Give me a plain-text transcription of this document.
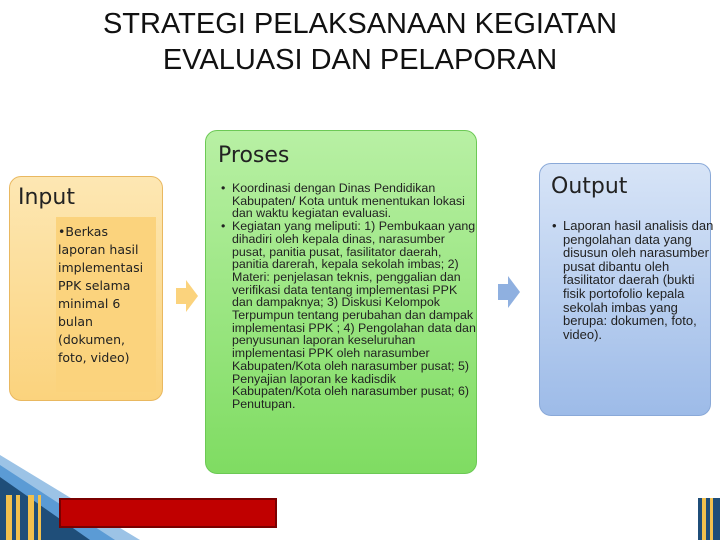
STRATEGI PELAKSANAAN KEGIATAN
EVALUASI DAN PELAPORAN
Input
•Berkas laporan hasil implementasi PPK selama minimal 6 bulan (dokumen, foto, video)
Proses
• Koordinasi dengan Dinas Pendidikan Kabupaten/ Kota untuk menentukan lokasi dan waktu kegiatan evaluasi.
• Kegiatan yang meliputi: 1) Pembukaan yang dihadiri oleh kepala dinas, narasumber pusat, panitia pusat, fasilitator daerah, panitia darerah, kepala sekolah imbas; 2) Materi: penjelasan teknis, penggalian dan verifikasi data tentang implementasi PPK dan dampaknya; 3) Diskusi Kelompok Terpumpun tentang perubahan dan dampak implementasi PPK ; 4) Pengolahan data dan penyusunan laporan keseluruhan implementasi PPK oleh narasumber Kabupaten/Kota oleh narasumber pusat; 5) Penyajian laporan ke kadisdik Kabupaten/Kota oleh narasumber pusat; 6) Penutupan.
Output
• Laporan hasil analisis dan pengolahan data yang disusun oleh narasumber pusat dibantu oleh fasilitator daerah (bukti fisik portofolio kepala sekolah imbas yang berupa: dokumen, foto, video).
